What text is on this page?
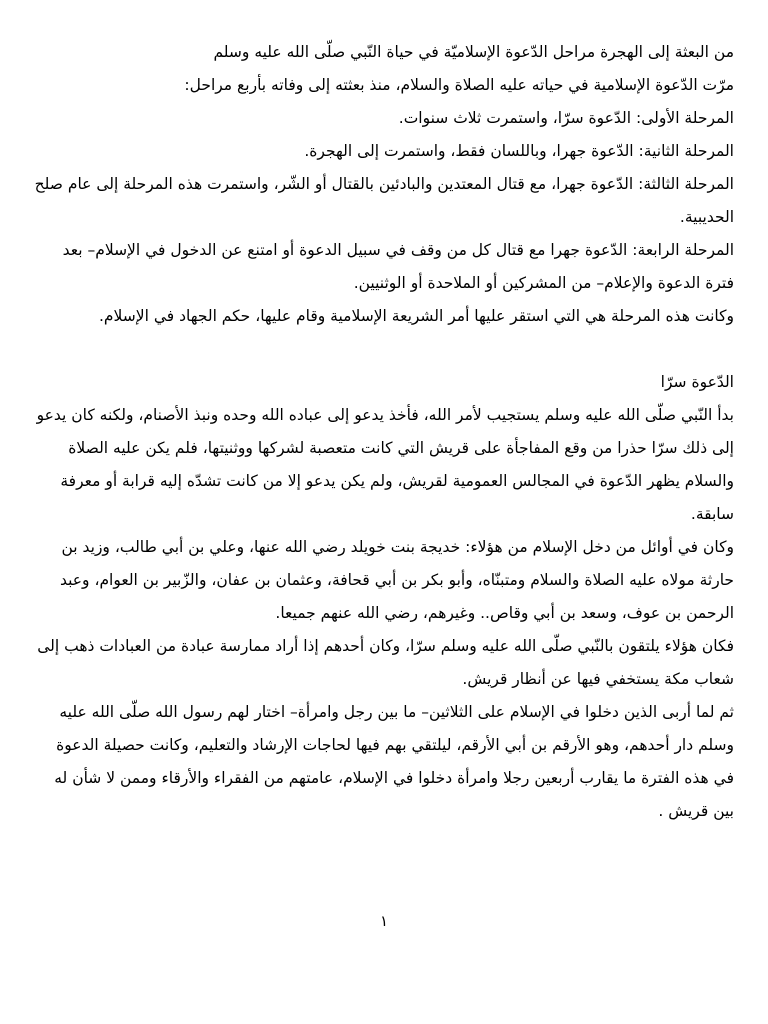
من البعثة إلى الهجرة مراحل الدّعوة الإسلاميّة في حياة النّبي صلّى الله عليه وسلم

مرّت الدّعوة الإسلامية في حياته عليه الصلاة والسلام، منذ بعثته إلى وفاته بأربع مراحل:

المرحلة الأولى: الدّعوة سرّا، واستمرت ثلاث سنوات.

المرحلة الثانية: الدّعوة جهرا، وباللسان فقط، واستمرت إلى الهجرة.

المرحلة الثالثة: الدّعوة جهرا، مع قتال المعتدين والبادئين بالقتال أو الشّر، واستمرت هذه المرحلة إلى عام صلح الحديبية.

المرحلة الرابعة: الدّعوة جهرا مع قتال كل من وقف في سبيل الدعوة أو امتنع عن الدخول في الإسلام– بعد فترة الدعوة والإعلام– من المشركين أو الملاحدة أو الوثنيين.

وكانت هذه المرحلة هي التي استقر عليها أمر الشريعة الإسلامية وقام عليها، حكم الجهاد في الإسلام.

الدّعوة سرّا

بدأ النّبي صلّى الله عليه وسلم يستجيب لأمر الله، فأخذ يدعو إلى عباده الله وحده ونبذ الأصنام، ولكنه كان يدعو إلى ذلك سرّا حذرا من وقع المفاجأة على قريش التي كانت متعصبة لشركها ووثنيتها، فلم يكن عليه الصلاة والسلام يظهر الدّعوة في المجالس العمومية لقريش، ولم يكن يدعو إلا من كانت تشدّه إليه قرابة أو معرفة سابقة.

وكان في أوائل من دخل الإسلام من هؤلاء: خديجة بنت خويلد رضي الله عنها، وعلي بن أبي طالب، وزيد بن حارثة مولاه عليه الصلاة والسلام ومتبنّاه، وأبو بكر بن أبي قحافة، وعثمان بن عفان، والزّبير بن العوام، وعبد الرحمن بن عوف، وسعد بن أبي وقاص.. وغيرهم، رضي الله عنهم جميعا.

فكان هؤلاء يلتقون بالنّبي صلّى الله عليه وسلم سرّا، وكان أحدهم إذا أراد ممارسة عبادة من العبادات ذهب إلى شعاب مكة يستخفي فيها عن أنظار قريش.

ثم لما أربى الذين دخلوا في الإسلام على الثلاثين– ما بين رجل وامرأة– اختار لهم رسول الله صلّى الله عليه وسلم دار أحدهم، وهو الأرقم بن أبي الأرقم، ليلتقي بهم فيها لحاجات الإرشاد والتعليم، وكانت حصيلة الدعوة في هذه الفترة ما يقارب أربعين رجلا وامرأة دخلوا في الإسلام، عامتهم من الفقراء والأرقاء وممن لا شأن له بين قريش .

١
